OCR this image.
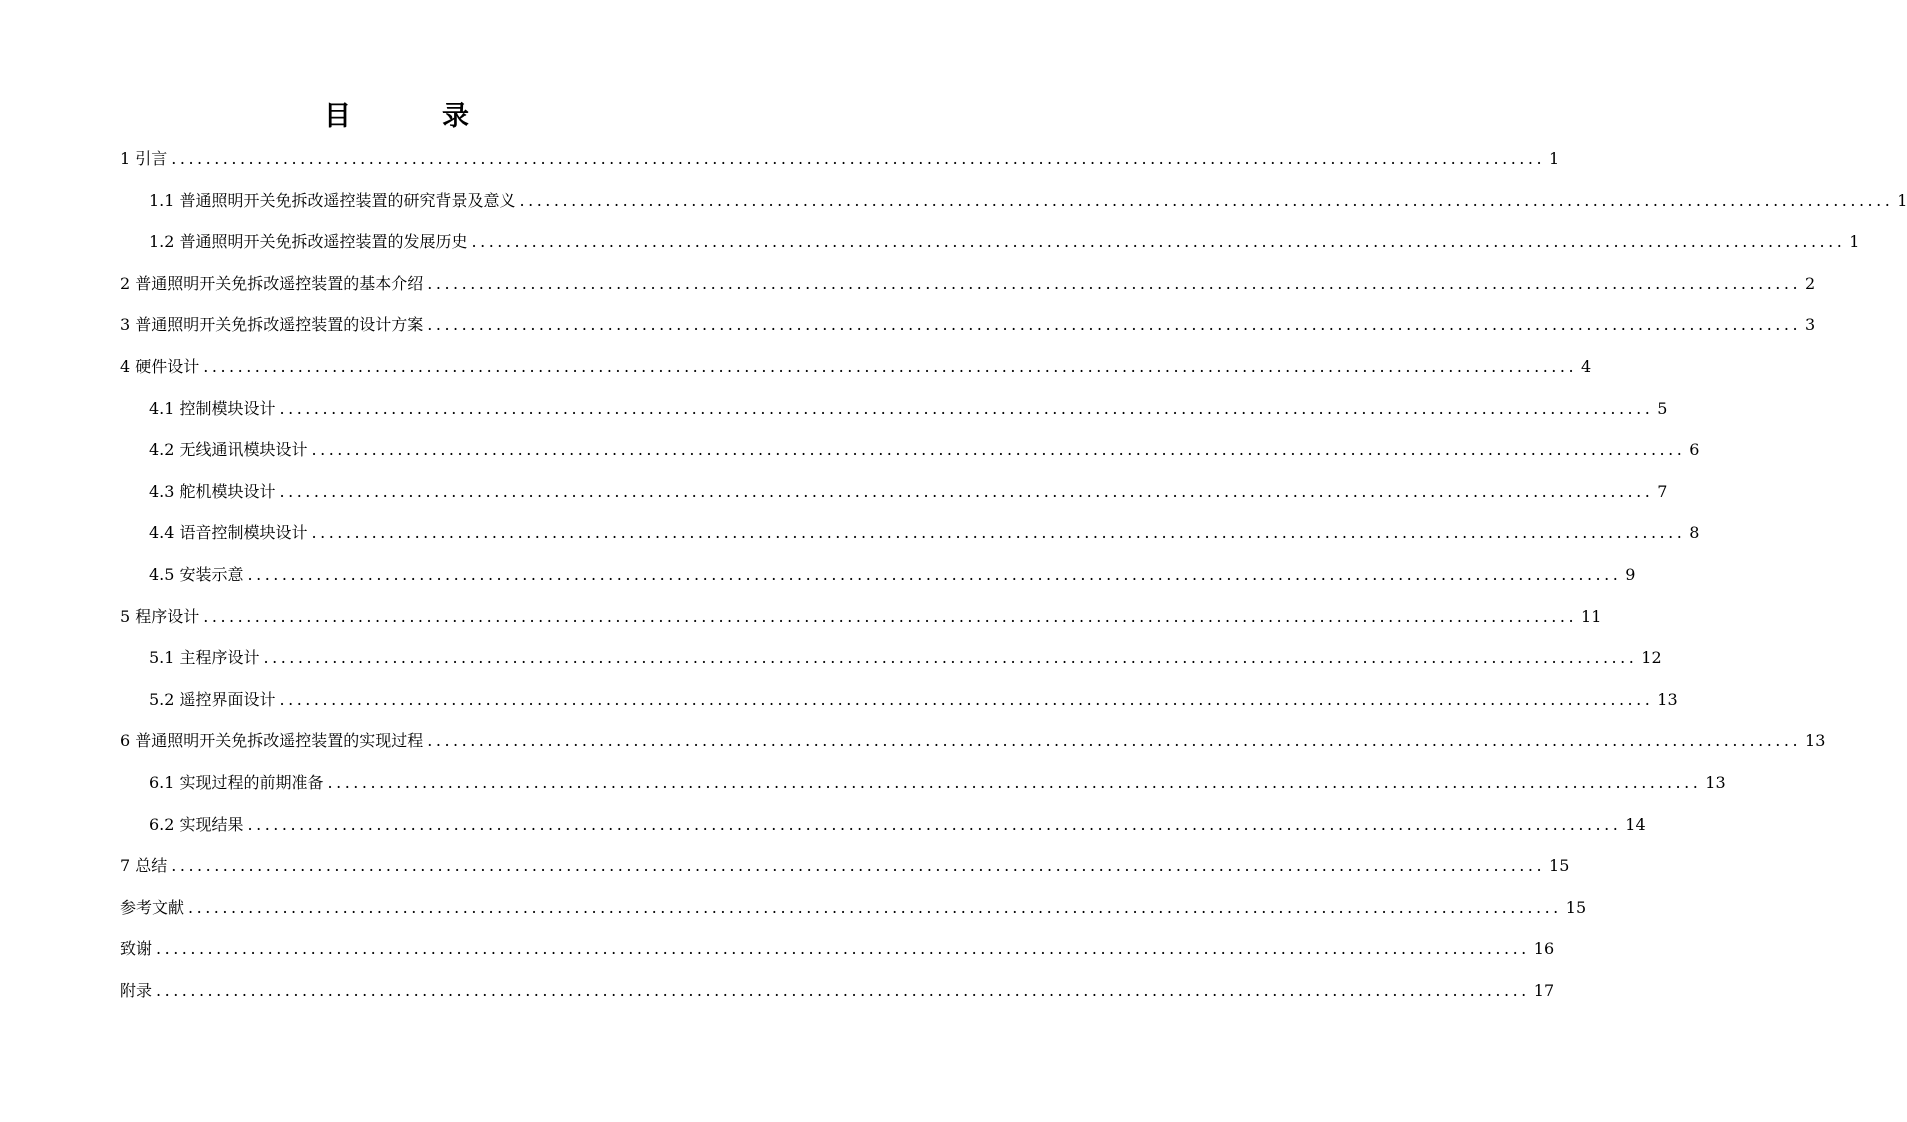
目　录
1 引言 ................................................................................................................................................................ 1
1.1 普通照明开关免拆改遥控装置的研究背景及意义 ................................................................................................................................................................ 1
1.2 普通照明开关免拆改遥控装置的发展历史 ................................................................................................................................................................ 1
2 普通照明开关免拆改遥控装置的基本介绍 ................................................................................................................................................................ 2
3 普通照明开关免拆改遥控装置的设计方案 ................................................................................................................................................................ 3
4 硬件设计 ................................................................................................................................................................ 4
4.1 控制模块设计 ................................................................................................................................................................ 5
4.2 无线通讯模块设计 ................................................................................................................................................................ 6
4.3 舵机模块设计 ................................................................................................................................................................ 7
4.4 语音控制模块设计 ................................................................................................................................................................ 8
4.5 安装示意 ................................................................................................................................................................ 9
5 程序设计 ................................................................................................................................................................ 11
5.1 主程序设计 ................................................................................................................................................................ 12
5.2 遥控界面设计 ................................................................................................................................................................ 13
6 普通照明开关免拆改遥控装置的实现过程 ................................................................................................................................................................ 13
6.1 实现过程的前期准备 ................................................................................................................................................................ 13
6.2 实现结果 ................................................................................................................................................................ 14
7 总结 ................................................................................................................................................................ 15
参考文献 ................................................................................................................................................................ 15
致谢 ................................................................................................................................................................ 16
附录 ................................................................................................................................................................ 17
